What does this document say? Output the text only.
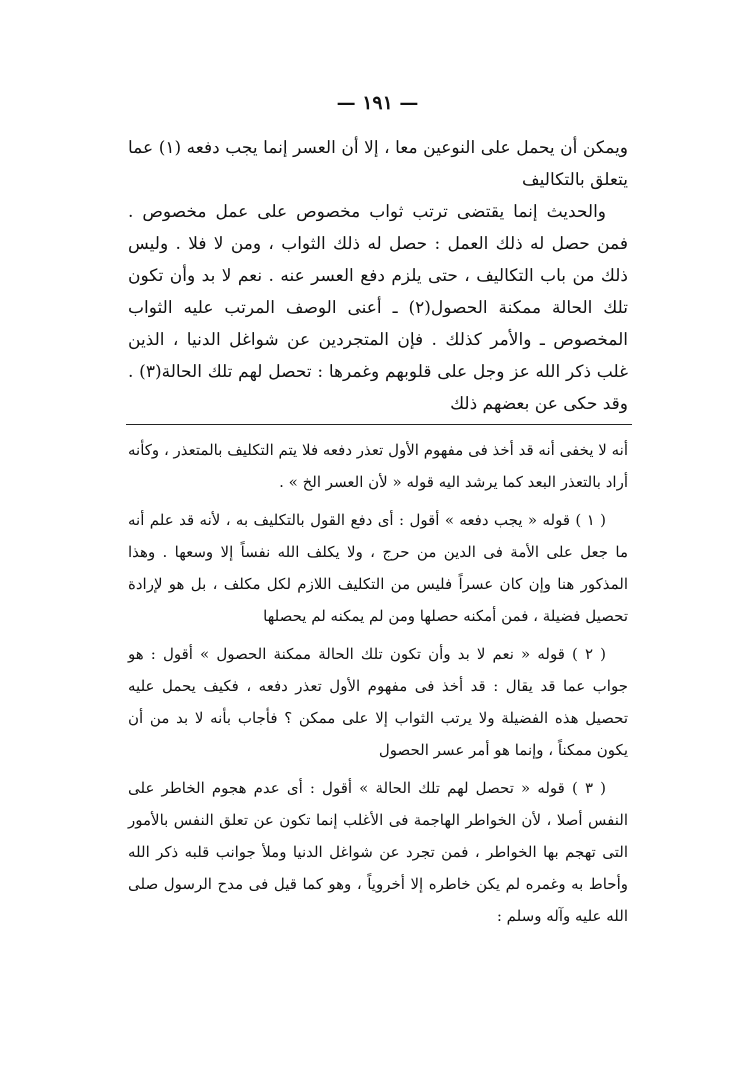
— ١٩١ —

ويمكن أن يحمل على النوعين معا ، إلا أن العسر إنما يجب دفعه (١) عما يتعلق بالتكاليف

والحديث إنما يقتضى ترتب ثواب مخصوص على عمل مخصوص . فمن حصل له ذلك العمل : حصل له ذلك الثواب ، ومن لا فلا . وليس ذلك من باب التكاليف ، حتى يلزم دفع العسر عنه . نعم لا بد وأن تكون تلك الحالة ممكنة الحصول(٢) ـ أعنى الوصف المرتب عليه الثواب المخصوص ـ والأمر كذلك . فإن المتجردين عن شواغل الدنيا ، الذين غلب ذكر الله عز وجل على قلوبهم وغمرها : تحصل لهم تلك الحالة(٣) . وقد حكى عن بعضهم ذلك

أنه لا يخفى أنه قد أخذ فى مفهوم الأول تعذر دفعه فلا يتم التكليف بالمتعذر ، وكأنه أراد بالتعذر البعد كما يرشد اليه قوله « لأن العسر الخ » .

( ١ ) قوله « يجب دفعه » أقول : أى دفع القول بالتكليف به ، لأنه قد علم أنه ما جعل على الأمة فى الدين من حرج ، ولا يكلف الله نفساً إلا وسعها . وهذا المذكور هنا وإن كان عسراً فليس من التكليف اللازم لكل مكلف ، بل هو لإرادة تحصيل فضيلة ، فمن أمكنه حصلها ومن لم يمكنه لم يحصلها

( ٢ ) قوله « نعم لا بد وأن تكون تلك الحالة ممكنة الحصول » أقول : هو جواب عما قد يقال : قد أخذ فى مفهوم الأول تعذر دفعه ، فكيف يحمل عليه تحصيل هذه الفضيلة ولا يرتب الثواب إلا على ممكن ؟ فأجاب بأنه لا بد من أن يكون ممكناً ، وإنما هو أمر عسر الحصول

( ٣ ) قوله « تحصل لهم تلك الحالة » أقول : أى عدم هجوم الخاطر على النفس أصلا ، لأن الخواطر الهاجمة فى الأغلب إنما تكون عن تعلق النفس بالأمور التى تهجم بها الخواطر ، فمن تجرد عن شواغل الدنيا وملأ جوانب قلبه ذكر الله وأحاط به وغمره لم يكن خاطره إلا أخروياً ، وهو كما قيل فى مدح الرسول صلى الله عليه وآله وسلم :
